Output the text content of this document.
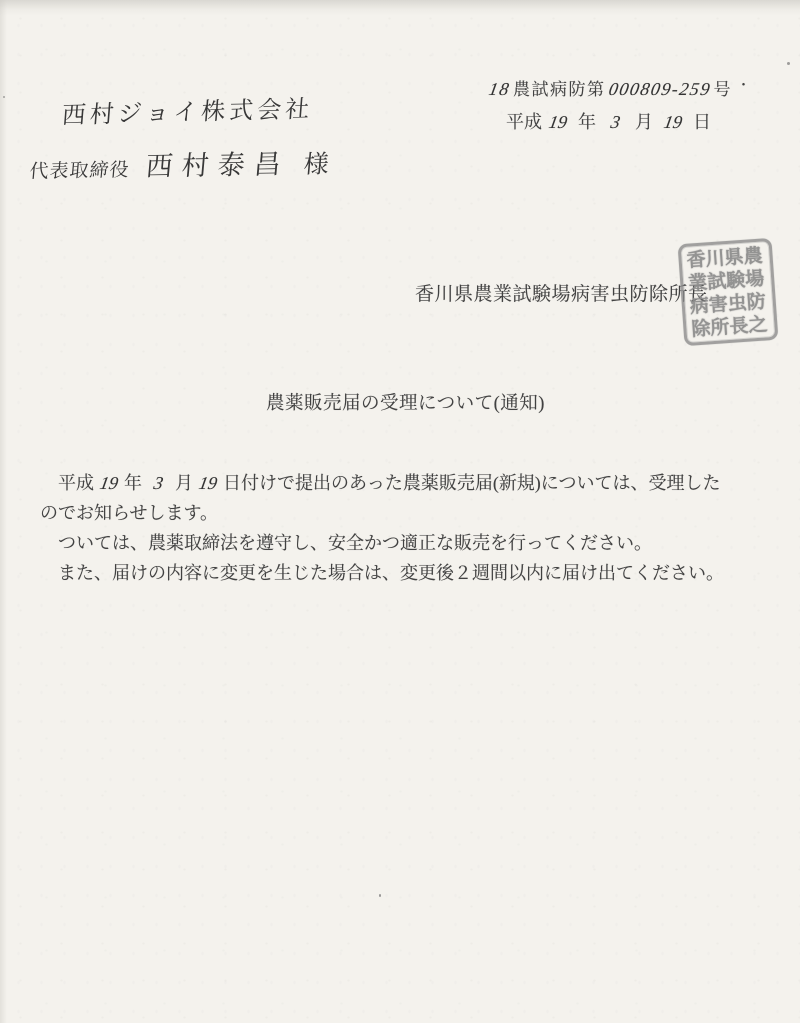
18農試病防第000809-259号 ・
平成 19 年 3 月 19 日
西村ジョイ株式会社
代表取締役 西村泰昌 様
香川県農業試験場病害虫防除所長
香川県農
業試験場
病害虫防
除所長之
農薬販売届の受理について(通知)
平成 19 年 3 月 19 日付けで提出のあった農薬販売届(新規)については、受理した
のでお知らせします。
ついては、農薬取締法を遵守し、安全かつ適正な販売を行ってください。
また、届けの内容に変更を生じた場合は、変更後２週間以内に届け出てください。
